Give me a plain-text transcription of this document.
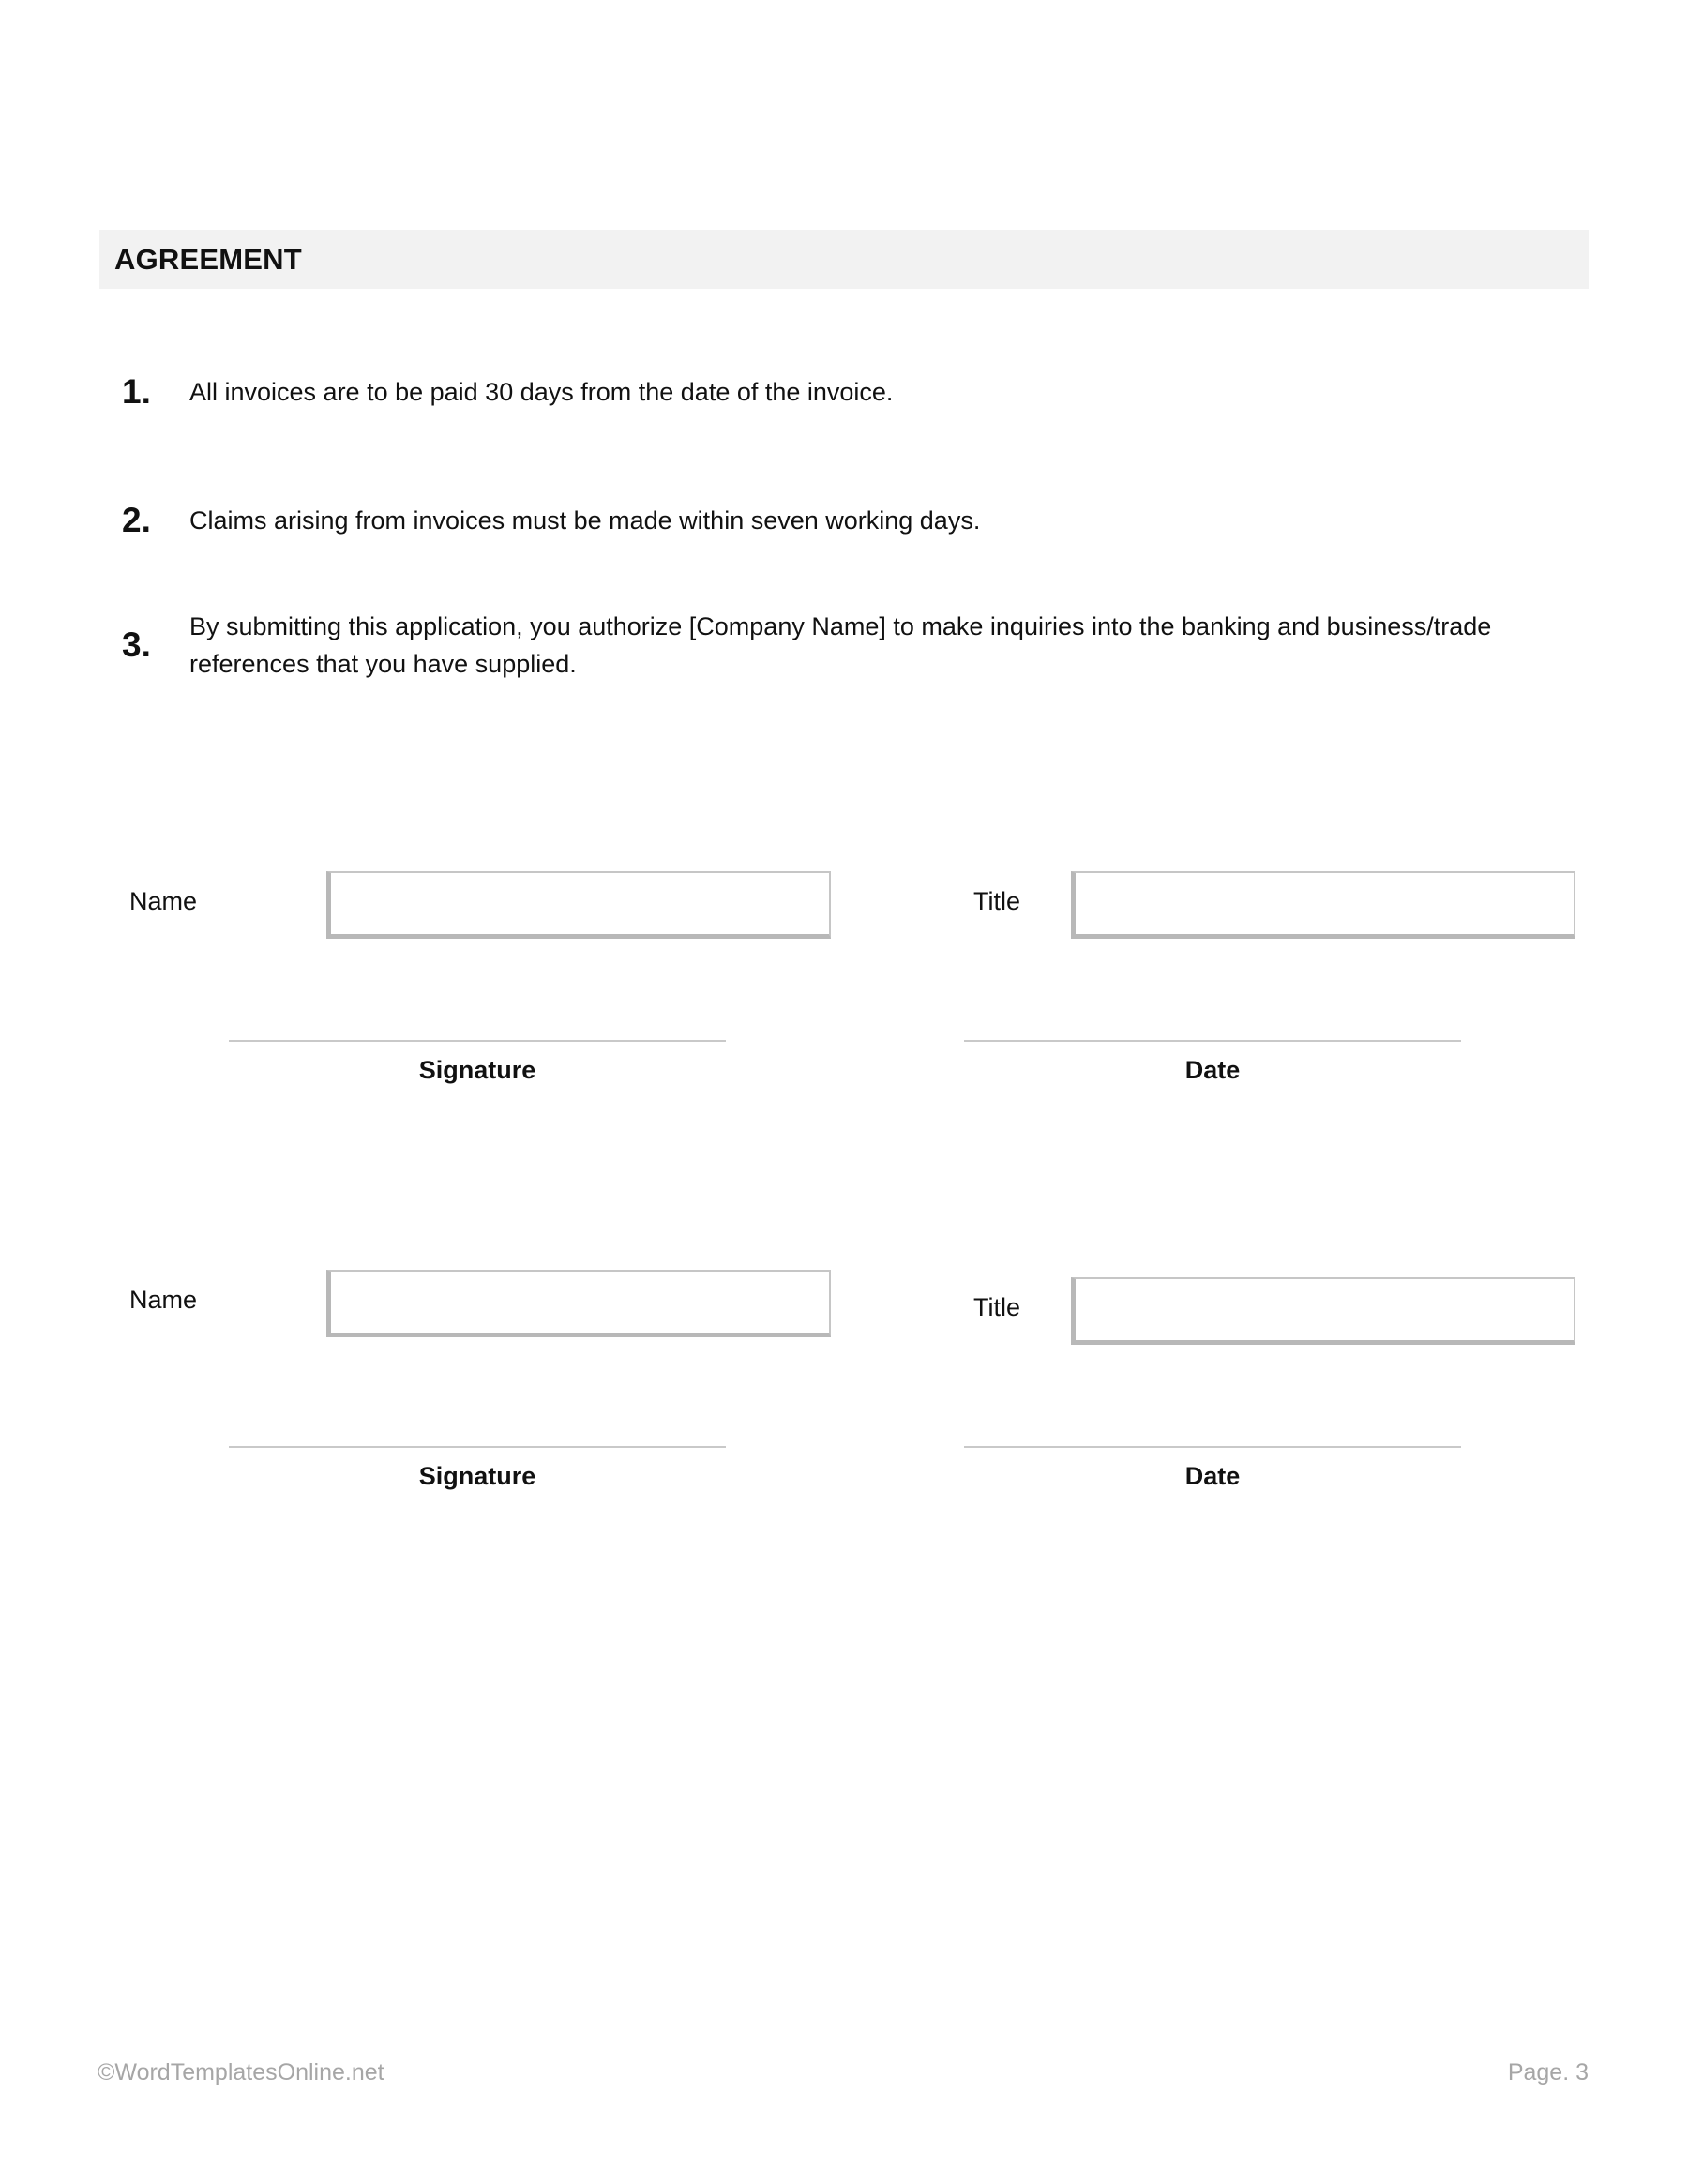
AGREEMENT
1.	All invoices are to be paid 30 days from the date of the invoice.
2.	Claims arising from invoices must be made within seven working days.
3.	By submitting this application, you authorize [Company Name] to make inquiries into the banking and business/trade references that you have supplied.
Name	Title
Signature	Date
Name	Title
Signature	Date
©WordTemplatesOnline.net	Page. 3
